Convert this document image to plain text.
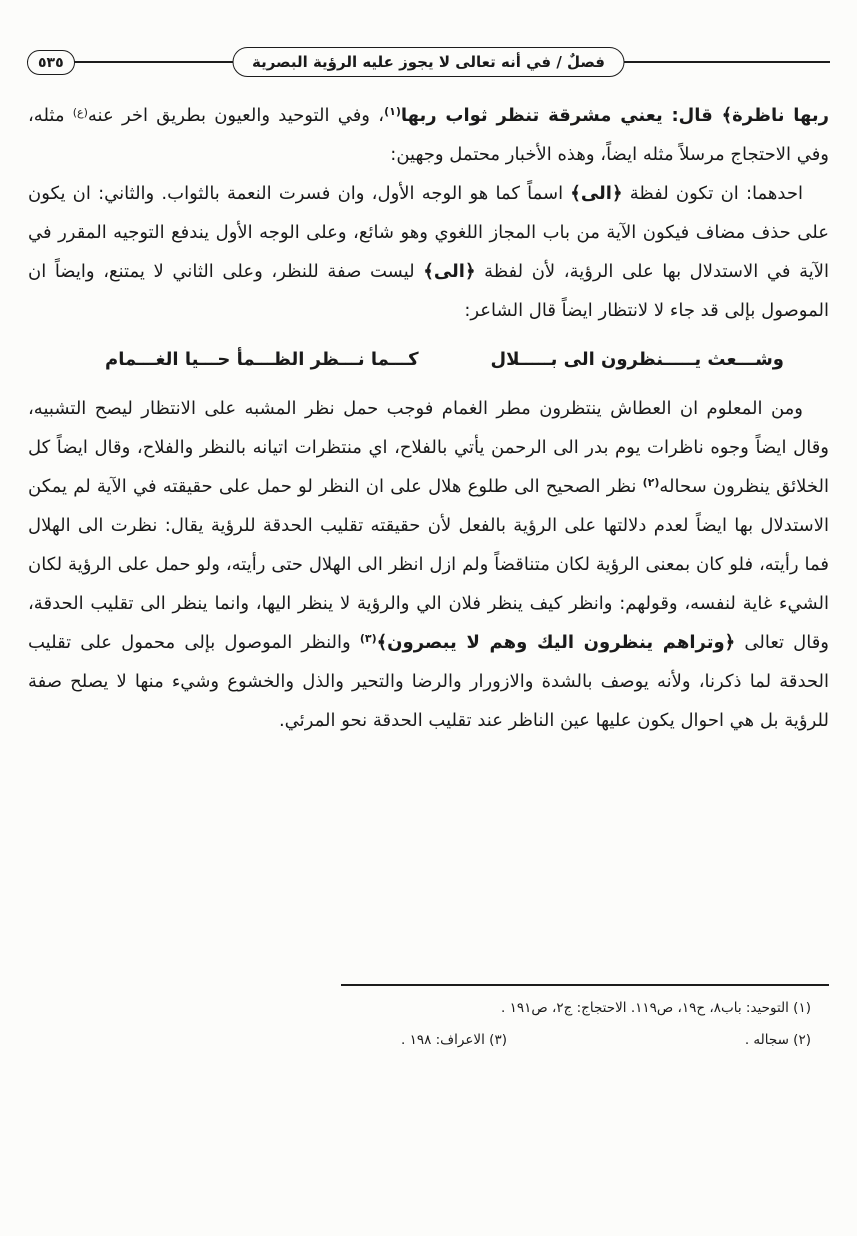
٥٣٥	فصلٌ / في أنه تعالى لا يجوز عليه الرؤية البصرية

ربها ناظرة﴾ قال: يعني مشرقة تنظر ثواب ربها$^{(١)}$، وفي التوحيد والعيون بطريق اخر عنه$^{(ع)}$ مثله، وفي الاحتجاج مرسلاً مثله ايضاً، وهذه الأخبار محتمل وجهين:

احدهما: ان تكون لفظة ﴿الى﴾ اسماً كما هو الوجه الأول، وان فسرت النعمة بالثواب. والثاني: ان يكون على حذف مضاف فيكون الآية من باب المجاز اللغوي وهو شائع، وعلى الوجه الأول يندفع التوجيه المقرر في الآية في الاستدلال بها على الرؤية، لأن لفظة ﴿الى﴾ ليست صفة للنظر، وعلى الثاني لا يمتنع، وايضاً ان الموصول بإلى قد جاء لا لانتظار ايضاً قال الشاعر:

وشـــعث يـــــنظرون الى بـــــلال
كـــما نـــظر الظـــمأ حـــيا الغـــمام

ومن المعلوم ان العطاش ينتظرون مطر الغمام فوجب حمل نظر المشبه على الانتظار ليصح التشبيه، وقال ايضاً وجوه ناظرات يوم بدر الى الرحمن يأتي بالفلاح، اي منتظرات اتيانه بالنظر والفلاح، وقال ايضاً كل الخلائق ينظرون سحاله$^{(٢)}$ نظر الصحيح الى طلوع هلال على ان النظر لو حمل على حقيقته في الآية لم يمكن الاستدلال بها ايضاً لعدم دلالتها على الرؤية بالفعل لأن حقيقته تقليب الحدقة للرؤية يقال: نظرت الى الهلال فما رأيته، فلو كان بمعنى الرؤية لكان متناقضاً ولم ازل انظر الى الهلال حتى رأيته، ولو حمل على الرؤية لكان الشيء غاية لنفسه، وقولهم: وانظر كيف ينظر فلان الي والرؤية لا ينظر اليها، وانما ينظر الى تقليب الحدقة، وقال تعالى ﴿وتراهم ينظرون اليك وهم لا يبصرون﴾$^{(٣)}$ والنظر الموصول بإلى محمول على تقليب الحدقة لما ذكرنا، ولأنه يوصف بالشدة والازورار والرضا والتحير والذل والخشوع وشيء منها لا يصلح صفة للرؤية بل هي احوال يكون عليها عين الناظر عند تقليب الحدقة نحو المرئي.

(١) التوحيد: باب٨، ح١٩، ص١١٩. الاحتجاج: ج٢، ص١٩١ .

(٢) سجاله .

(٣) الاعراف: ١٩٨ .
